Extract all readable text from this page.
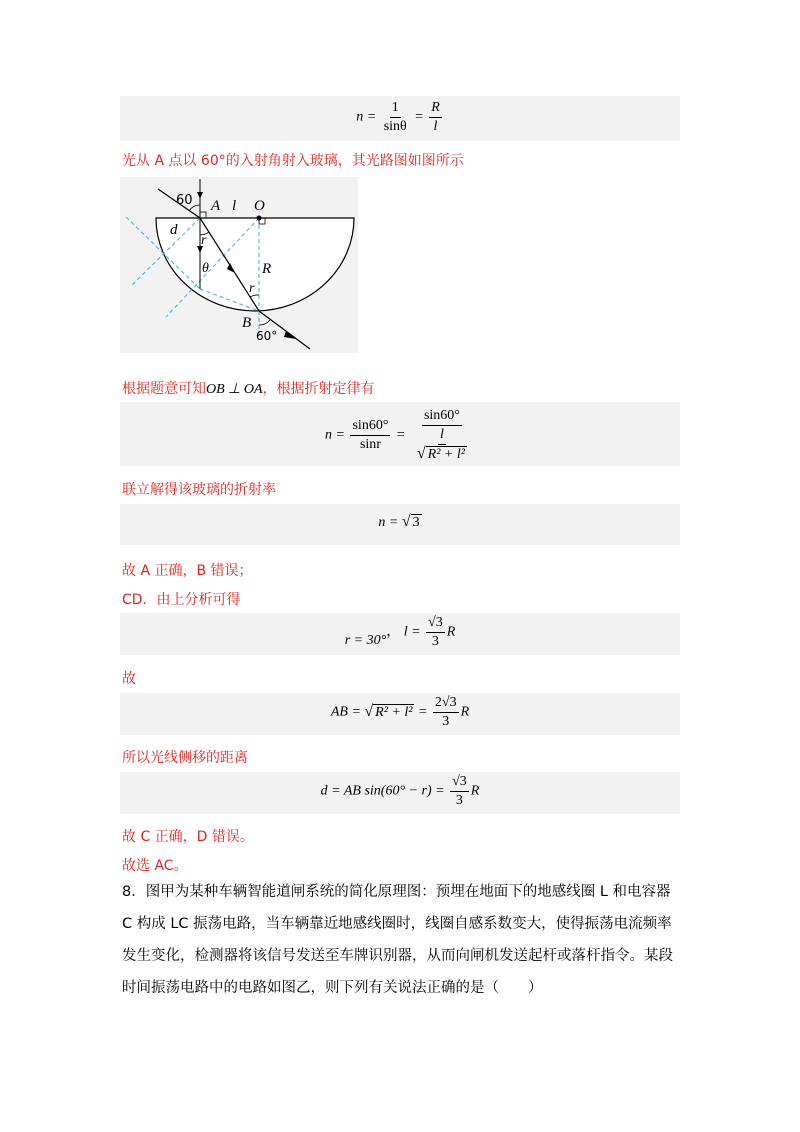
$n = \frac{1}{\sin\theta} = \frac{R}{l}$
光从 A 点以 60°的入射角射入玻璃，其光路图如图所示
60 A l O
d
r
θ	R
r
B
60°
根据题意可知OB ⊥ OA，根据折射定律有
$n = \frac{\sin 60^\circ}{\sin r} = \frac{\sin 60^\circ}{\frac{l}{\text{√ R² + l²}}}$
联立解得该玻璃的折射率
n = √ 3
故 A 正确，B 错误；
CD．由上分析可得
r = 30°， $l = \frac{√3}{3}$ R
故
AB = √ $R^2 + l^2 = \frac{2√3}{3}$ R
所以光线侧移的距离
d = AB $\sin(60^\circ - r) = \frac{√3}{3}$ R
故 C 正确，D 错误。
故选 AC。
8．图甲为某种车辆智能道闸系统的简化原理图：预埋在地面下的地感线圈 L 和电容器 C 构成 LC 振荡电路，当车辆靠近地感线圈时，线圈自感系数变大，使得振荡电流频率发生变化，检测器将该信号发送至车牌识别器，从而向闸机发送起杆或落杆指令。某段时间振荡电路中的电路如图乙，则下列有关说法正确的是（　　）
